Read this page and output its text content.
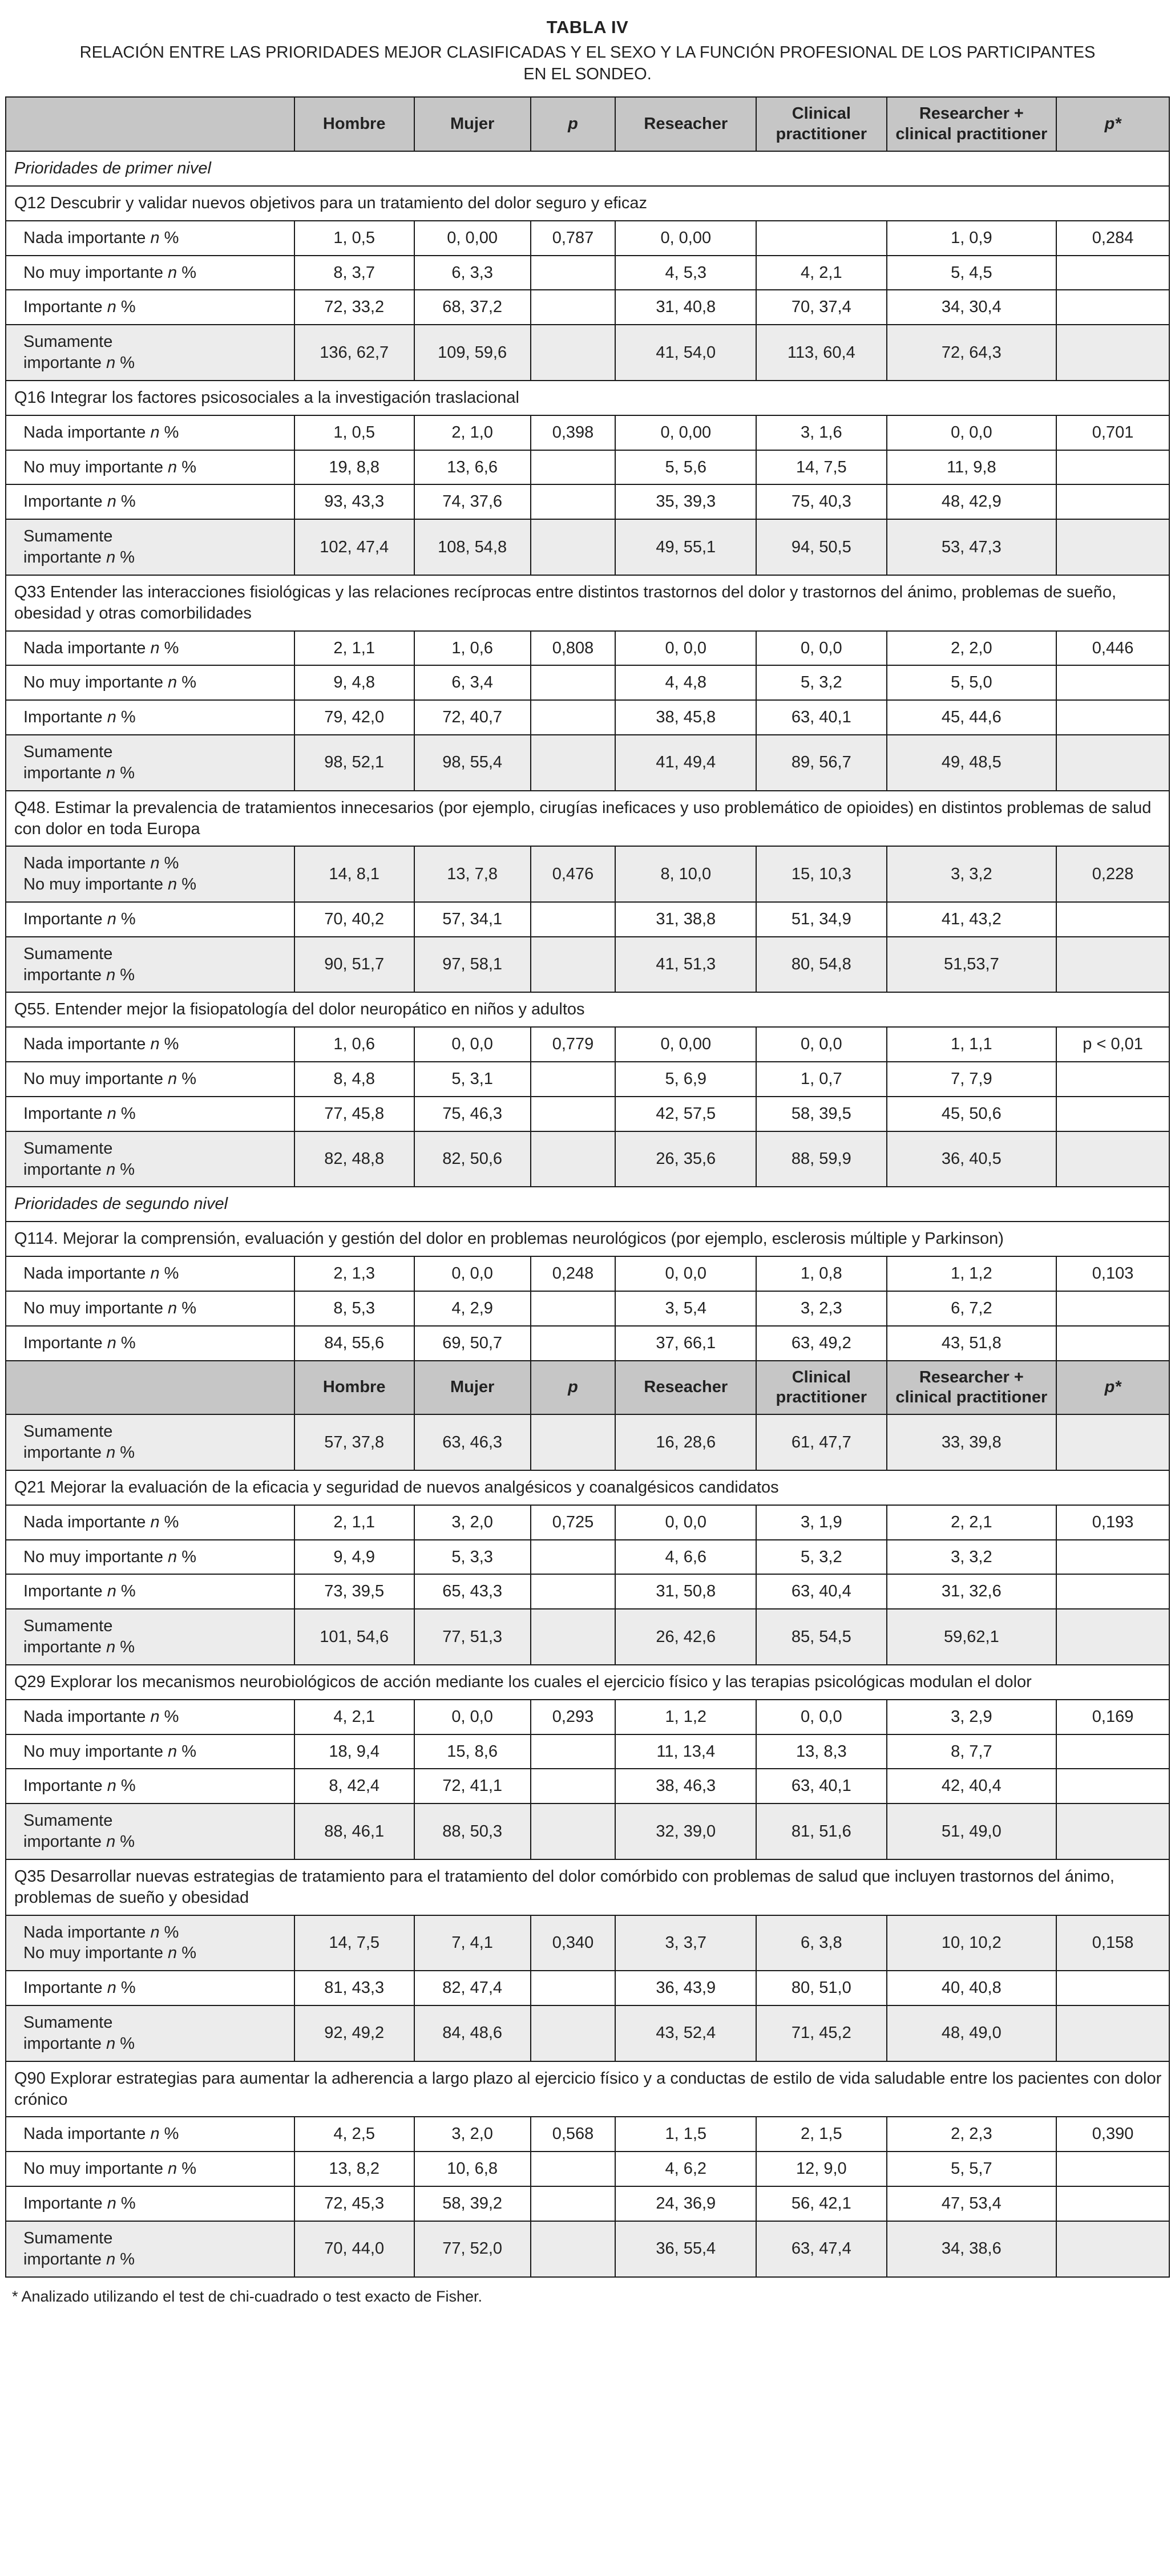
TABLA IV

RELACIÓN ENTRE LAS PRIORIDADES MEJOR CLASIFICADAS Y EL SEXO Y LA FUNCIÓN PROFESIONAL DE LOS PARTICIPANTES EN EL SONDEO.

	Hombre	Mujer	p	Reseacher	Clinical practitioner	Researcher + clinical practitioner	p*
Prioridades de primer nivel							
Q12 Descubrir y validar nuevos objetivos para un tratamiento del dolor seguro y eficaz							
Nada importante n %	1, 0,5	0, 0,00	0,787	0, 0,00		1, 0,9	0,284
No muy importante n %	8, 3,7	6, 3,3		4, 5,3	4, 2,1	5, 4,5	
Importante n %	72, 33,2	68, 37,2		31, 40,8	70, 37,4	34, 30,4	
Sumamente
importante n %	136, 62,7	109, 59,6		41, 54,0	113, 60,4	72, 64,3	
Q16 Integrar los factores psicosociales a la investigación traslacional							
Nada importante n %	1, 0,5	2, 1,0	0,398	0, 0,00	3, 1,6	0, 0,0	0,701
No muy importante n %	19, 8,8	13, 6,6		5, 5,6	14, 7,5	11, 9,8	
Importante n %	93, 43,3	74, 37,6		35, 39,3	75, 40,3	48, 42,9	
Sumamente
importante n %	102, 47,4	108, 54,8		49, 55,1	94, 50,5	53, 47,3	
Q33 Entender las interacciones fisiológicas y las relaciones recíprocas entre distintos trastornos del dolor y trastornos del ánimo, problemas de sueño, obesidad y otras comorbilidades							
Nada importante n %	2, 1,1	1, 0,6	0,808	0, 0,0	0, 0,0	2, 2,0	0,446
No muy importante n %	9, 4,8	6, 3,4		4, 4,8	5, 3,2	5, 5,0	
Importante n %	79, 42,0	72, 40,7		38, 45,8	63, 40,1	45, 44,6	
Sumamente
importante n %	98, 52,1	98, 55,4		41, 49,4	89, 56,7	49, 48,5	
Q48. Estimar la prevalencia de tratamientos innecesarios (por ejemplo, cirugías ineficaces y uso problemático de opioides) en distintos problemas de salud con dolor en toda Europa							
Nada importante n %
No muy importante n %	14, 8,1	13, 7,8	0,476	8, 10,0	15, 10,3	3, 3,2	0,228
Importante n %	70, 40,2	57, 34,1		31, 38,8	51, 34,9	41, 43,2	
Sumamente
importante n %	90, 51,7	97, 58,1		41, 51,3	80, 54,8	51,53,7	
Q55. Entender mejor la fisiopatología del dolor neuropático en niños y adultos							
Nada importante n %	1, 0,6	0, 0,0	0,779	0, 0,00	0, 0,0	1, 1,1	p < 0,01
No muy importante n %	8, 4,8	5, 3,1		5, 6,9	1, 0,7	7, 7,9	
Importante n %	77, 45,8	75, 46,3		42, 57,5	58, 39,5	45, 50,6	
Sumamente
importante n %	82, 48,8	82, 50,6		26, 35,6	88, 59,9	36, 40,5	
Prioridades de segundo nivel							
Q114. Mejorar la comprensión, evaluación y gestión del dolor en problemas neurológicos (por ejemplo, esclerosis múltiple y Parkinson)							
Nada importante n %	2, 1,3	0, 0,0	0,248	0, 0,0	1, 0,8	1, 1,2	0,103
No muy importante n %	8, 5,3	4, 2,9		3, 5,4	3, 2,3	6, 7,2	
Importante n %	84, 55,6	69, 50,7		37, 66,1	63, 49,2	43, 51,8	
	Hombre	Mujer	p	Reseacher	Clinical practitioner	Researcher + clinical practitioner	p*
Sumamente
importante n %	57, 37,8	63, 46,3		16, 28,6	61, 47,7	33, 39,8	
Q21 Mejorar la evaluación de la eficacia y seguridad de nuevos analgésicos y coanalgésicos candidatos							
Nada importante n %	2, 1,1	3, 2,0	0,725	0, 0,0	3, 1,9	2, 2,1	0,193
No muy importante n %	9, 4,9	5, 3,3		4, 6,6	5, 3,2	3, 3,2	
Importante n %	73, 39,5	65, 43,3		31, 50,8	63, 40,4	31, 32,6	
Sumamente
importante n %	101, 54,6	77, 51,3		26, 42,6	85, 54,5	59,62,1	
Q29 Explorar los mecanismos neurobiológicos de acción mediante los cuales el ejercicio físico y las terapias psicológicas modulan el dolor							
Nada importante n %	4, 2,1	0, 0,0	0,293	1, 1,2	0, 0,0	3, 2,9	0,169
No muy importante n %	18, 9,4	15, 8,6		11, 13,4	13, 8,3	8, 7,7	
Importante n %	8, 42,4	72, 41,1		38, 46,3	63, 40,1	42, 40,4	
Sumamente
importante n %	88, 46,1	88, 50,3		32, 39,0	81, 51,6	51, 49,0	
Q35 Desarrollar nuevas estrategias de tratamiento para el tratamiento del dolor comórbido con problemas de salud que incluyen trastornos del ánimo, problemas de sueño y obesidad							
Nada importante n %
No muy importante n %	14, 7,5	7, 4,1	0,340	3, 3,7	6, 3,8	10, 10,2	0,158
Importante n %	81, 43,3	82, 47,4		36, 43,9	80, 51,0	40, 40,8	
Sumamente
importante n %	92, 49,2	84, 48,6		43, 52,4	71, 45,2	48, 49,0	
Q90 Explorar estrategias para aumentar la adherencia a largo plazo al ejercicio físico y a conductas de estilo de vida saludable entre los pacientes con dolor crónico							
Nada importante n %	4, 2,5	3, 2,0	0,568	1, 1,5	2, 1,5	2, 2,3	0,390
No muy importante n %	13, 8,2	10, 6,8		4, 6,2	12, 9,0	5, 5,7	
Importante n %	72, 45,3	58, 39,2		24, 36,9	56, 42,1	47, 53,4	
Sumamente
importante n %	70, 44,0	77, 52,0		36, 55,4	63, 47,4	34, 38,6	

* Analizado utilizando el test de chi-cuadrado o test exacto de Fisher.
